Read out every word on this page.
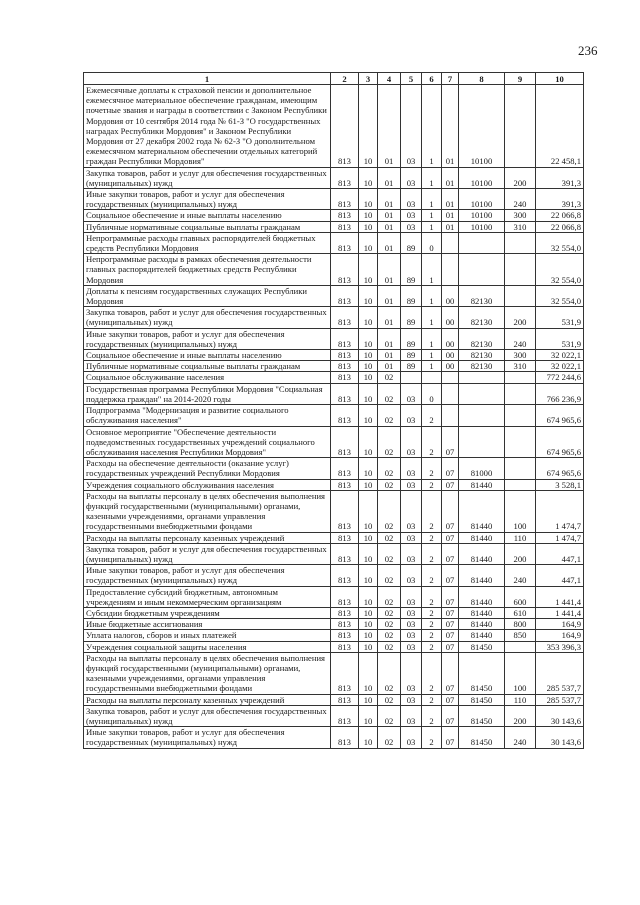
236
1	2	3	4	5	6	7	8	9	10
Ежемесячные доплаты к страховой пенсии и дополнительное ежемесячное материальное обеспечение гражданам, имеющим почетные звания и награды в соответствии с Законом Республики Мордовия от 10 сентября 2014 года № 61-З "О государственных наградах Республики Мордовия" и Законом Республики Мордовия от 27 декабря 2002 года № 62-З "О дополнительном ежемесячном материальном обеспечении отдельных категорий граждан Республики Мордовия"	813	10	01	03	1	01	10100		22 458,1
Закупка товаров, работ и услуг для обеспечения государственных (муниципальных) нужд	813	10	01	03	1	01	10100	200	391,3
Иные закупки товаров, работ и услуг для обеспечения государственных (муниципальных) нужд	813	10	01	03	1	01	10100	240	391,3
Социальное обеспечение и иные выплаты населению	813	10	01	03	1	01	10100	300	22 066,8
Публичные нормативные социальные выплаты гражданам	813	10	01	03	1	01	10100	310	22 066,8
Непрограммные расходы главных распорядителей бюджетных средств Республики Мордовия	813	10	01	89	0				32 554,0
Непрограммные расходы в рамках обеспечения деятельности главных распорядителей бюджетных средств Республики Мордовия	813	10	01	89	1				32 554,0
Доплаты к пенсиям государственных служащих Республики Мордовия	813	10	01	89	1	00	82130		32 554,0
Закупка товаров, работ и услуг для обеспечения государственных (муниципальных) нужд	813	10	01	89	1	00	82130	200	531,9
Иные закупки товаров, работ и услуг для обеспечения государственных (муниципальных) нужд	813	10	01	89	1	00	82130	240	531,9
Социальное обеспечение и иные выплаты населению	813	10	01	89	1	00	82130	300	32 022,1
Публичные нормативные социальные выплаты гражданам	813	10	01	89	1	00	82130	310	32 022,1
Социальное обслуживание населения	813	10	02						772 244,6
Государственная программа Республики Мордовия "Социальная поддержка граждан" на 2014-2020 годы	813	10	02	03	0				766 236,9
Подпрограмма "Модернизация и развитие социального обслуживания населения"	813	10	02	03	2				674 965,6
Основное мероприятие "Обеспечение деятельности подведомственных государственных учреждений социального обслуживания населения Республики Мордовия"	813	10	02	03	2	07			674 965,6
Расходы на обеспечение деятельности (оказание услуг) государственных учреждений Республики Мордовия	813	10	02	03	2	07	81000		674 965,6
Учреждения социального обслуживания населения	813	10	02	03	2	07	81440		3 528,1
Расходы на выплаты персоналу в целях обеспечения выполнения функций государственными (муниципальными) органами, казенными учреждениями, органами управления государственными внебюджетными фондами	813	10	02	03	2	07	81440	100	1 474,7
Расходы на выплаты персоналу казенных учреждений	813	10	02	03	2	07	81440	110	1 474,7
Закупка товаров, работ и услуг для обеспечения государственных (муниципальных) нужд	813	10	02	03	2	07	81440	200	447,1
Иные закупки товаров, работ и услуг для обеспечения государственных (муниципальных) нужд	813	10	02	03	2	07	81440	240	447,1
Предоставление субсидий бюджетным, автономным учреждениям и иным некоммерческим организациям	813	10	02	03	2	07	81440	600	1 441,4
Субсидии бюджетным учреждениям	813	10	02	03	2	07	81440	610	1 441,4
Иные бюджетные ассигнования	813	10	02	03	2	07	81440	800	164,9
Уплата налогов, сборов и иных платежей	813	10	02	03	2	07	81440	850	164,9
Учреждения социальной защиты населения	813	10	02	03	2	07	81450		353 396,3
Расходы на выплаты персоналу в целях обеспечения выполнения функций государственными (муниципальными) органами, казенными учреждениями, органами управления государственными внебюджетными фондами	813	10	02	03	2	07	81450	100	285 537,7
Расходы на выплаты персоналу казенных учреждений	813	10	02	03	2	07	81450	110	285 537,7
Закупка товаров, работ и услуг для обеспечения государственных (муниципальных) нужд	813	10	02	03	2	07	81450	200	30 143,6
Иные закупки товаров, работ и услуг для обеспечения государственных (муниципальных) нужд	813	10	02	03	2	07	81450	240	30 143,6
